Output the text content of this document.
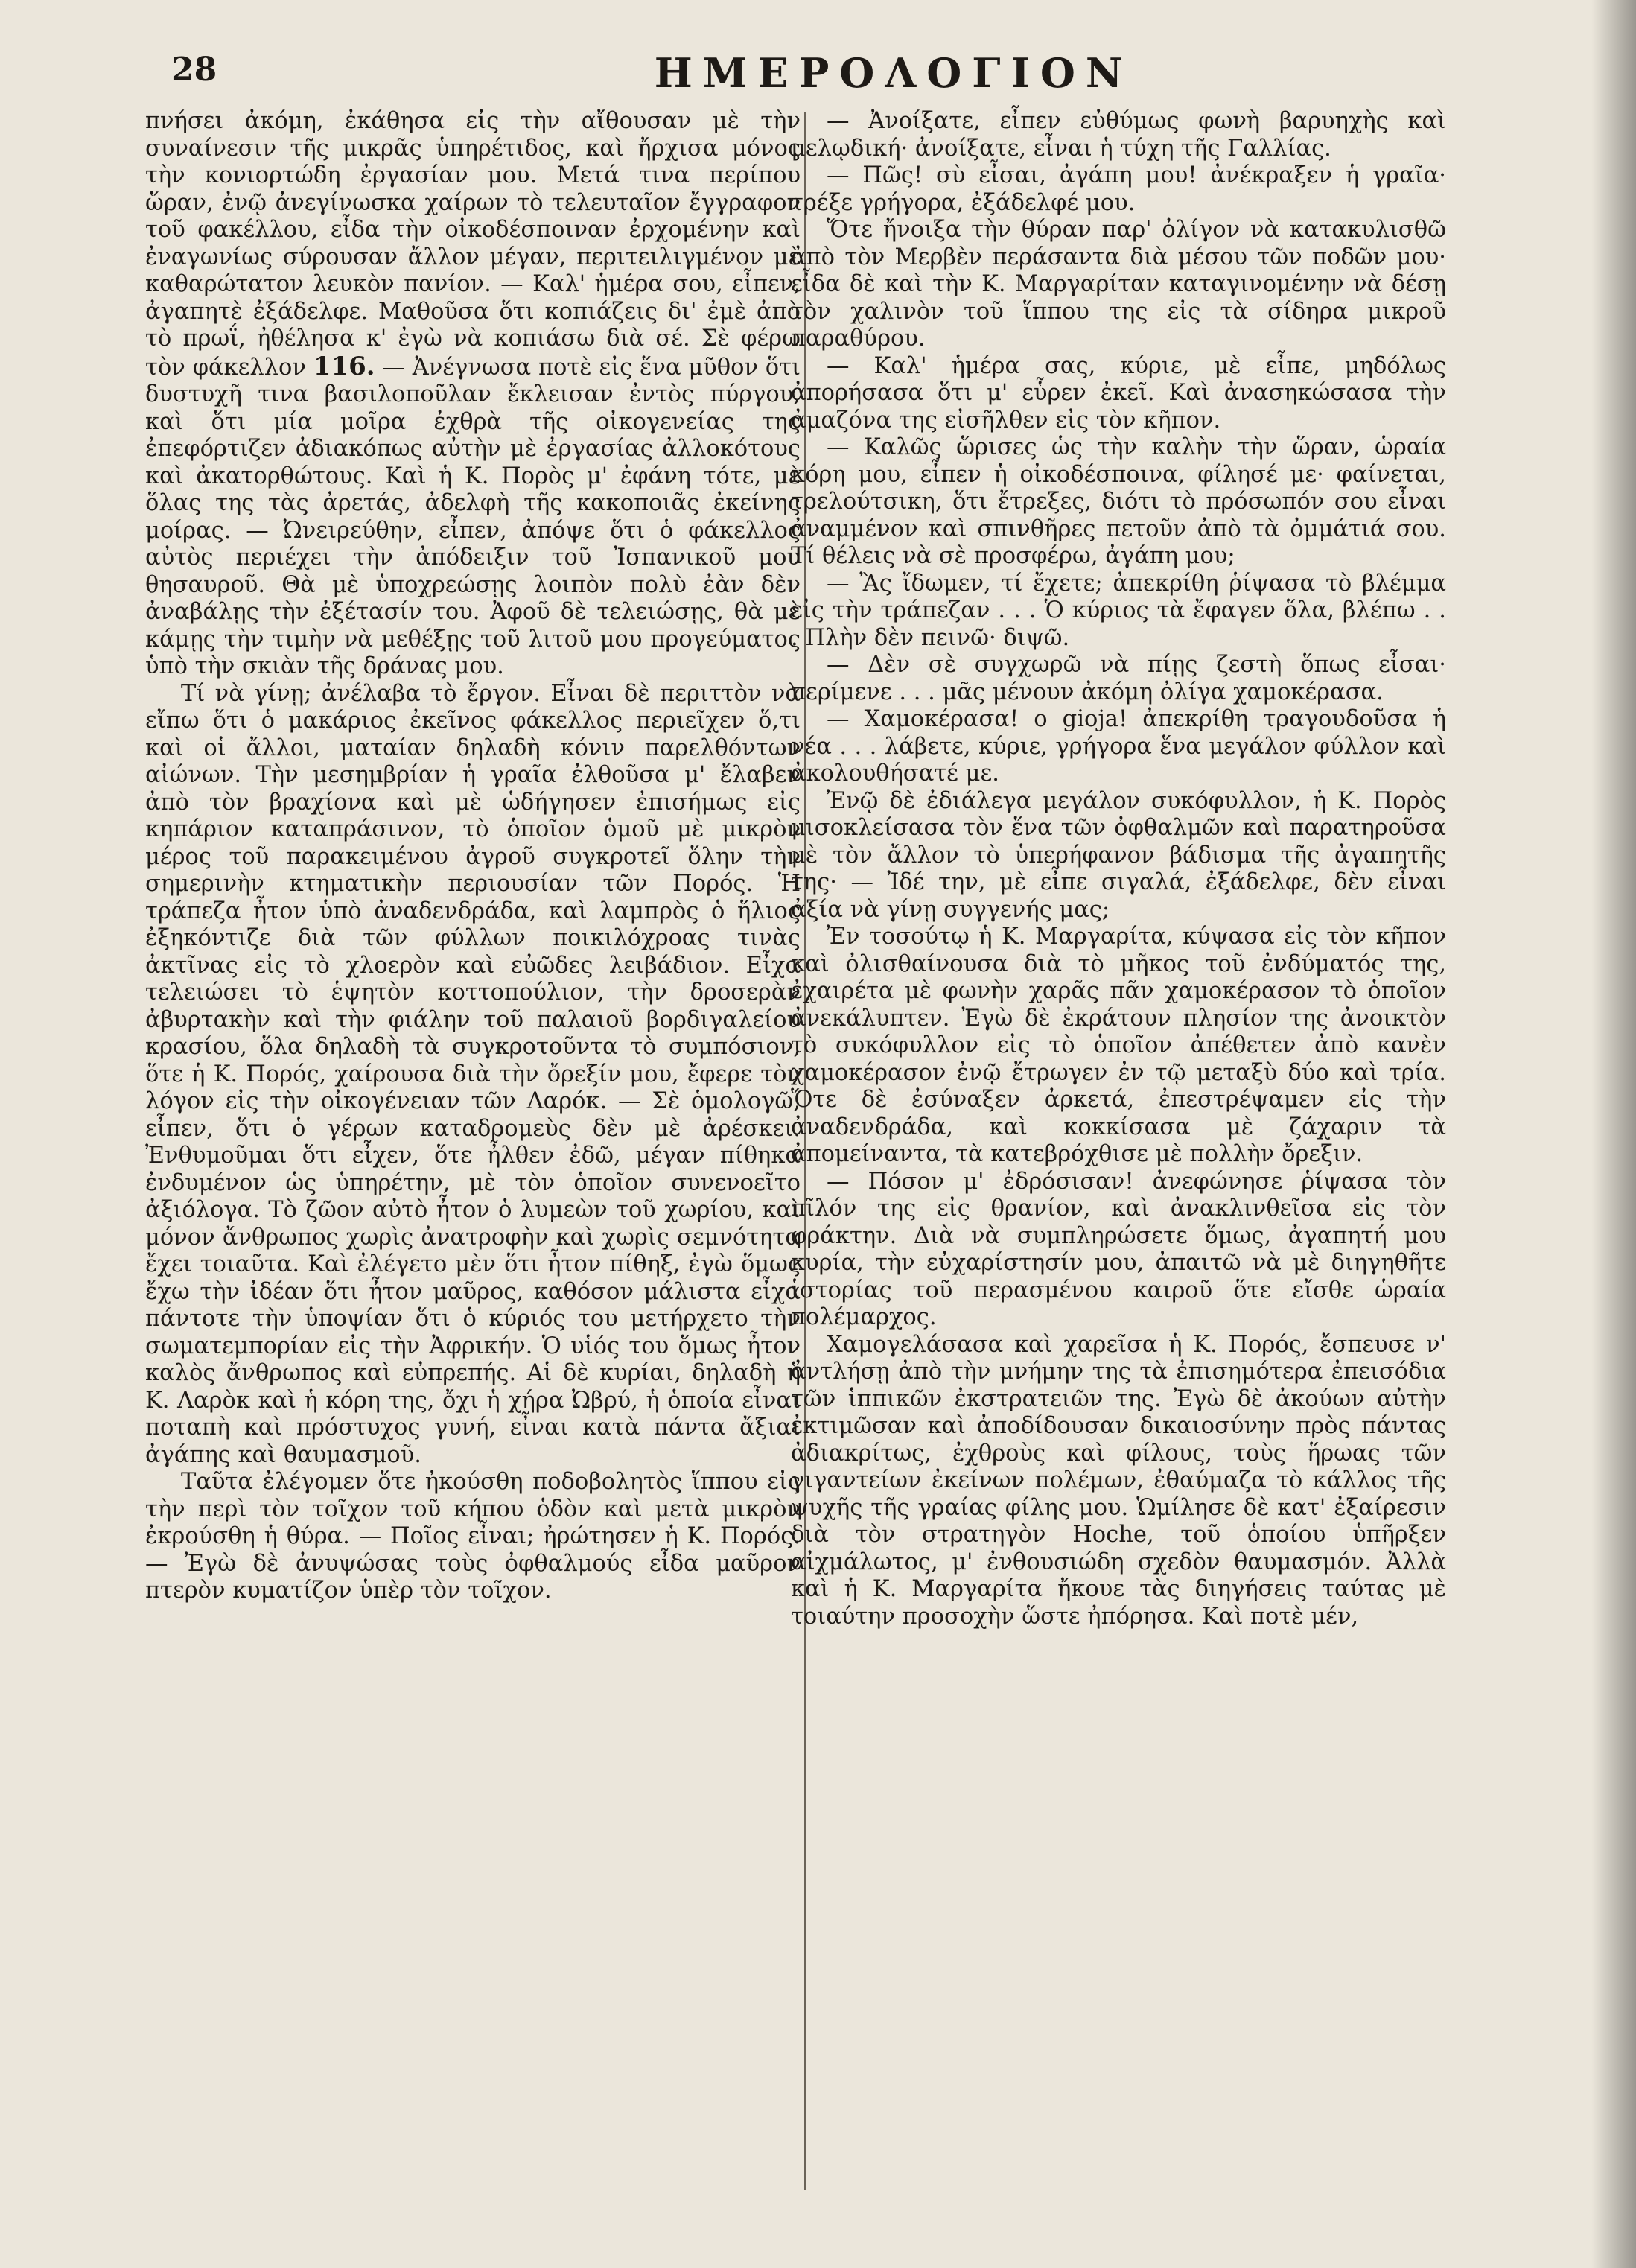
28	ΗΜΕΡΟΛΟΓΙΟΝ

πνήσει ἀκόμη, ἐκάθησα εἰς τὴν αἴθουσαν μὲ τὴν συναίνεσιν τῆς μικρᾶς ὑπηρέτιδος, καὶ ἤρχισα μόνος τὴν κονιορτώδη ἐργασίαν μου. Μετά τινα περίπου ὥραν, ἐνῷ ἀνεγίνωσκα χαίρων τὸ τελευταῖον ἔγγραφον τοῦ φακέλλου, εἶδα τὴν οἰκοδέσποιναν ἐρχομένην καὶ ἐναγωνίως σύρουσαν ἄλλον μέγαν, περιτειλιγμένον μὲ καθαρώτατον λευκὸν πανίον. — Καλ' ἡμέρα σου, εἶπεν, ἀγαπητὲ ἐξάδελφε. Μαθοῦσα ὅτι κοπιάζεις δι' ἐμὲ ἀπὸ τὸ πρωΐ, ἠθέλησα κ' ἐγὼ νὰ κοπιάσω διὰ σέ. Σὲ φέρω τὸν φάκελλον 116. — Ἀνέγνωσα ποτὲ εἰς ἕνα μῦθον ὅτι δυστυχῆ τινα βασιλοποῦλαν ἔκλεισαν ἐντὸς πύργου, καὶ ὅτι μία μοῖρα ἐχθρὰ τῆς οἰκογενείας της ἐπεφόρτιζεν ἀδιακόπως αὐτὴν μὲ ἐργασίας ἀλλοκότους καὶ ἀκατορθώτους. Καὶ ἡ Κ. Πορὸς μ' ἐφάνη τότε, μὲ ὅλας της τὰς ἀρετάς, ἀδελφὴ τῆς κακοποιᾶς ἐκείνης μοίρας. — Ὠνειρεύθην, εἶπεν, ἀπόψε ὅτι ὁ φάκελλος αὐτὸς περιέχει τὴν ἀπόδειξιν τοῦ Ἰσπανικοῦ μου θησαυροῦ. Θὰ μὲ ὑποχρεώσῃς λοιπὸν πολὺ ἐὰν δὲν ἀναβάλῃς τὴν ἐξέτασίν του. Ἀφοῦ δὲ τελειώσῃς, θὰ μὲ κάμῃς τὴν τιμὴν νὰ μεθέξῃς τοῦ λιτοῦ μου προγεύματος ὑπὸ τὴν σκιὰν τῆς δράνας μου.

Τί νὰ γίνῃ; ἀνέλαβα τὸ ἔργον. Εἶναι δὲ περιττὸν νὰ εἴπω ὅτι ὁ μακάριος ἐκεῖνος φάκελλος περιεῖχεν ὅ,τι καὶ οἱ ἄλλοι, ματαίαν δηλαδὴ κόνιν παρελθόντων αἰώνων. Τὴν μεσημβρίαν ἡ γραῖα ἐλθοῦσα μ' ἔλαβεν ἀπὸ τὸν βραχίονα καὶ μὲ ὡδήγησεν ἐπισήμως εἰς κηπάριον καταπράσινον, τὸ ὁποῖον ὁμοῦ μὲ μικρὸν μέρος τοῦ παρακειμένου ἀγροῦ συγκροτεῖ ὅλην τὴν σημερινὴν κτηματικὴν περιουσίαν τῶν Πορός. Ἡ τράπεζα ἦτον ὑπὸ ἀναδενδράδα, καὶ λαμπρὸς ὁ ἥλιος ἐξηκόντιζε διὰ τῶν φύλλων ποικιλόχροας τινὰς ἀκτῖνας εἰς τὸ χλοερὸν καὶ εὐῶδες λειβάδιον. Εἶχα τελειώσει τὸ ἑψητὸν κοττοπούλιον, τὴν δροσερὰν ἀβυρτακὴν καὶ τὴν φιάλην τοῦ παλαιοῦ βορδιγαλείου κρασίου, ὅλα δηλαδὴ τὰ συγκροτοῦντα τὸ συμπόσιον, ὅτε ἡ Κ. Πορός, χαίρουσα διὰ τὴν ὄρεξίν μου, ἔφερε τὸν λόγον εἰς τὴν οἰκογένειαν τῶν Λαρόκ. — Σὲ ὁμολογῶ, εἶπεν, ὅτι ὁ γέρων καταδρομεὺς δὲν μὲ ἀρέσκει. Ἐνθυμοῦμαι ὅτι εἶχεν, ὅτε ἦλθεν ἐδῶ, μέγαν πίθηκα ἐνδυμένον ὡς ὑπηρέτην, μὲ τὸν ὁποῖον συνενοεῖτο ἀξιόλογα. Τὸ ζῶον αὐτὸ ἦτον ὁ λυμεὼν τοῦ χωρίου, καὶ μόνον ἄνθρωπος χωρὶς ἀνατροφὴν καὶ χωρὶς σεμνότητα ἔχει τοιαῦτα. Καὶ ἐλέγετο μὲν ὅτι ἦτον πίθηξ, ἐγὼ ὅμως ἔχω τὴν ἰδέαν ὅτι ἦτον μαῦρος, καθόσον μάλιστα εἶχα πάντοτε τὴν ὑποψίαν ὅτι ὁ κύριός του μετήρχετο τὴν σωματεμπορίαν εἰς τὴν Ἀφρικήν. Ὁ υἱός του ὅμως ἦτον καλὸς ἄνθρωπος καὶ εὐπρεπής. Αἱ δὲ κυρίαι, δηλαδὴ ἡ Κ. Λαρὸκ καὶ ἡ κόρη της, ὄχι ἡ χήρα Ὠβρύ, ἡ ὁποία εἶναι ποταπὴ καὶ πρόστυχος γυνή, εἶναι κατὰ πάντα ἄξιαι ἀγάπης καὶ θαυμασμοῦ.

Ταῦτα ἐλέγομεν ὅτε ἠκούσθη ποδοβολητὸς ἵππου εἰς τὴν περὶ τὸν τοῖχον τοῦ κήπου ὁδὸν καὶ μετὰ μικρὸν ἐκρούσθη ἡ θύρα. — Ποῖος εἶναι; ἠρώτησεν ἡ Κ. Πορός. — Ἐγὼ δὲ ἀνυψώσας τοὺς ὀφθαλμούς εἶδα μαῦρον πτερὸν κυματίζον ὑπὲρ τὸν τοῖχον.

— Ἀνοίξατε, εἶπεν εὐθύμως φωνὴ βαρυηχὴς καὶ μελῳδική· ἀνοίξατε, εἶναι ἡ τύχη τῆς Γαλλίας.

— Πῶς! σὺ εἶσαι, ἀγάπη μου! ἀνέκραξεν ἡ γραῖα· τρέξε γρήγορα, ἐξάδελφέ μου.

Ὅτε ἤνοιξα τὴν θύραν παρ' ὀλίγον νὰ κατακυλισθῶ ἀπὸ τὸν Μερβὲν περάσαντα διὰ μέσου τῶν ποδῶν μου· εἶδα δὲ καὶ τὴν Κ. Μαργαρίταν καταγινομένην νὰ δέσῃ τὸν χαλινὸν τοῦ ἵππου της εἰς τὰ σίδηρα μικροῦ παραθύρου.

— Καλ' ἡμέρα σας, κύριε, μὲ εἶπε, μηδόλως ἀπορήσασα ὅτι μ' εὗρεν ἐκεῖ. Καὶ ἀνασηκώσασα τὴν ἀμαζόνα της εἰσῆλθεν εἰς τὸν κῆπον.

— Καλῶς ὥρισες ὡς τὴν καλὴν τὴν ὥραν, ὡραία κόρη μου, εἶπεν ἡ οἰκοδέσποινα, φίλησέ με· φαίνεται, τρελούτσικη, ὅτι ἔτρεξες, διότι τὸ πρόσωπόν σου εἶναι ἀναμμένον καὶ σπινθῆρες πετοῦν ἀπὸ τὰ ὀμμάτιά σου. Τί θέλεις νὰ σὲ προσφέρω, ἀγάπη μου;

— Ἂς ἴδωμεν, τί ἔχετε; ἀπεκρίθη ῥίψασα τὸ βλέμμα εἰς τὴν τράπεζαν . . . Ὁ κύριος τὰ ἔφαγεν ὅλα, βλέπω . . . Πλὴν δὲν πεινῶ· διψῶ.

— Δὲν σὲ συγχωρῶ νὰ πίῃς ζεστὴ ὅπως εἶσαι· περίμενε . . . μᾶς μένουν ἀκόμη ὀλίγα χαμοκέρασα.

— Χαμοκέρασα! o gioja! ἀπεκρίθη τραγουδοῦσα ἡ νέα . . . λάβετε, κύριε, γρήγορα ἕνα μεγάλον φύλλον καὶ ἀκολουθήσατέ με.

Ἐνῷ δὲ ἐδιάλεγα μεγάλον συκόφυλλον, ἡ Κ. Πορὸς μισοκλείσασα τὸν ἕνα τῶν ὀφθαλμῶν καὶ παρατηροῦσα μὲ τὸν ἄλλον τὸ ὑπερήφανον βάδισμα τῆς ἀγαπητῆς της· — Ἰδέ την, μὲ εἶπε σιγαλά, ἐξάδελφε, δὲν εἶναι ἀξία νὰ γίνῃ συγγενής μας;

Ἐν τοσούτῳ ἡ Κ. Μαργαρίτα, κύψασα εἰς τὸν κῆπον καὶ ὀλισθαίνουσα διὰ τὸ μῆκος τοῦ ἐνδύματός της, ἐχαιρέτα μὲ φωνὴν χαρᾶς πᾶν χαμοκέρασον τὸ ὁποῖον ἀνεκάλυπτεν. Ἐγὼ δὲ ἐκράτουν πλησίον της ἀνοικτὸν τὸ συκόφυλλον εἰς τὸ ὁποῖον ἀπέθετεν ἀπὸ κανὲν χαμοκέρασον ἐνῷ ἔτρωγεν ἐν τῷ μεταξὺ δύο καὶ τρία. Ὅτε δὲ ἐσύναξεν ἀρκετά, ἐπεστρέψαμεν εἰς τὴν ἀναδενδράδα, καὶ κοκκίσασα μὲ ζάχαριν τὰ ἀπομείναντα, τὰ κατεβρόχθισε μὲ πολλὴν ὄρεξιν.

— Πόσον μ' ἐδρόσισαν! ἀνεφώνησε ῥίψασα τὸν πῖλόν της εἰς θρανίον, καὶ ἀνακλινθεῖσα εἰς τὸν φράκτην. Διὰ νὰ συμπληρώσετε ὅμως, ἀγαπητή μου κυρία, τὴν εὐχαρίστησίν μου, ἀπαιτῶ νὰ μὲ διηγηθῆτε ἱστορίας τοῦ περασμένου καιροῦ ὅτε εἴσθε ὡραία πολέμαρχος.

Χαμογελάσασα καὶ χαρεῖσα ἡ Κ. Πορός, ἔσπευσε ν' ἀντλήσῃ ἀπὸ τὴν μνήμην της τὰ ἐπισημότερα ἐπεισόδια τῶν ἱππικῶν ἐκστρατειῶν της. Ἐγὼ δὲ ἀκούων αὐτὴν ἐκτιμῶσαν καὶ ἀποδίδουσαν δικαιοσύνην πρὸς πάντας ἀδιακρίτως, ἐχθροὺς καὶ φίλους, τοὺς ἥρωας τῶν γιγαντείων ἐκείνων πολέμων, ἐθαύμαζα τὸ κάλλος τῆς ψυχῆς τῆς γραίας φίλης μου. Ὡμίλησε δὲ κατ' ἐξαίρεσιν διὰ τὸν στρατηγὸν Hoche, τοῦ ὁποίου ὑπῆρξεν αἰχμάλωτος, μ' ἐνθουσιώδη σχεδὸν θαυμασμόν. Ἀλλὰ καὶ ἡ Κ. Μαργαρίτα ἤκουε τὰς διηγήσεις ταύτας μὲ τοιαύτην προσοχὴν ὥστε ἠπόρησα. Καὶ ποτὲ μέν,
